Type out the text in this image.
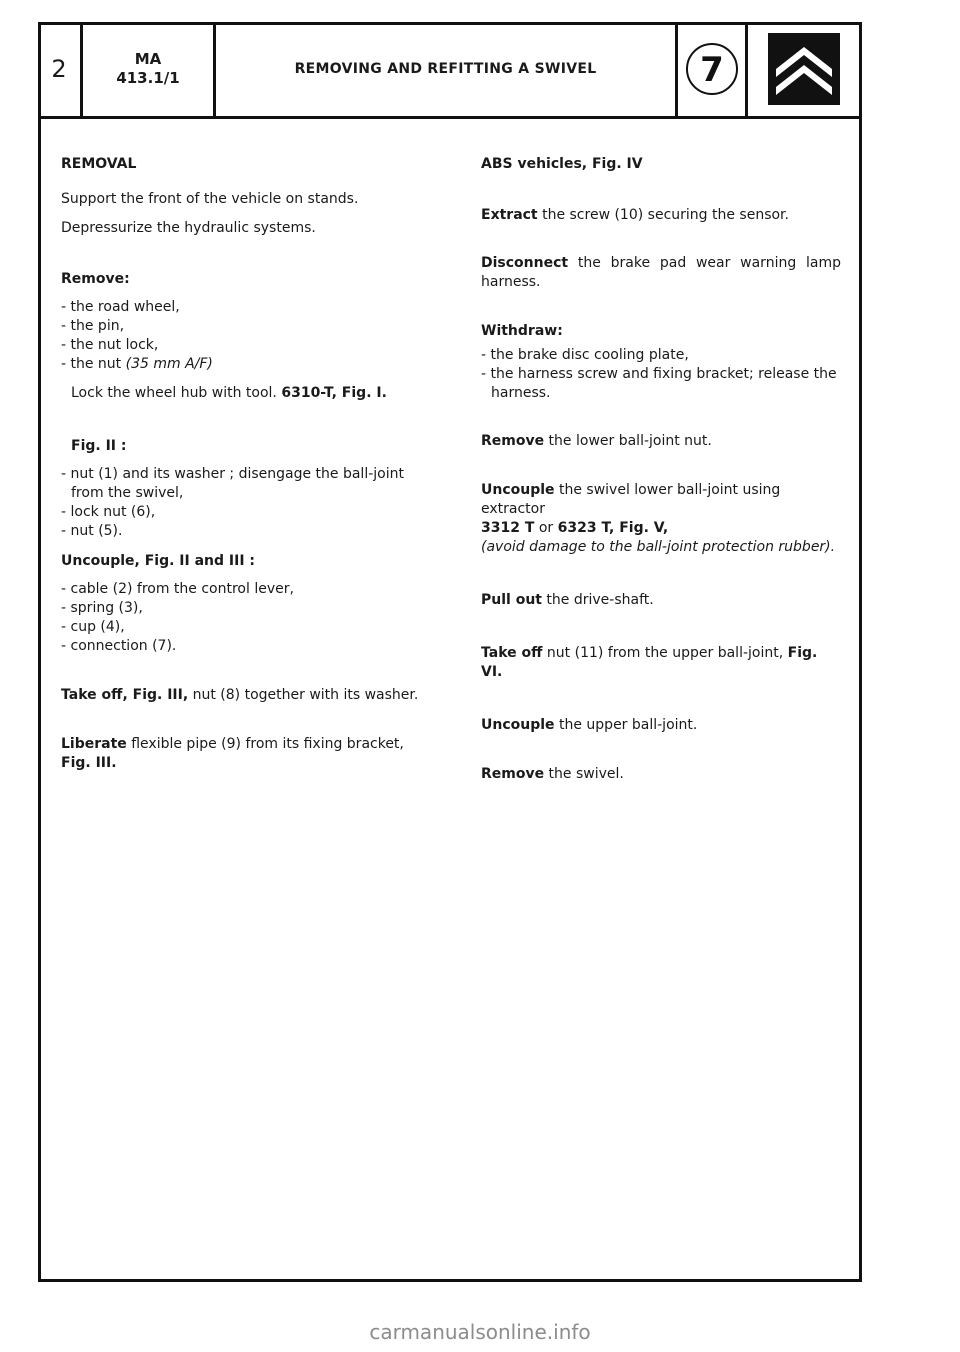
2	MA
413.1/1	REMOVING AND REFITTING A SWIVEL	7

REMOVAL

Support the front of the vehicle on stands.

Depressurize the hydraulic systems.

Remove:

- the road wheel,

- the pin,

- the nut lock,

- the nut (35 mm A/F)

Lock the wheel hub with tool. 6310-T, Fig. I.

Fig. II :

- nut (1) and its washer ; disengage the ball-joint from the swivel,

- lock nut (6),

- nut (5).

Uncouple, Fig. II and III :

- cable (2) from the control lever,

- spring (3),

- cup (4),

- connection (7).

Take off, Fig. III, nut (8) together with its washer.

Liberate flexible pipe (9) from its fixing bracket,

Fig. III.

ABS vehicles, Fig. IV

Extract the screw (10) securing the sensor.

Disconnect the brake pad wear warning lamp harness.

Withdraw:

- the brake disc cooling plate,

- the harness screw and fixing bracket; release the harness.

Remove the lower ball-joint nut.

Uncouple the swivel lower ball-joint using extractor

3312 T or 6323 T, Fig. V,

(avoid damage to the ball-joint protection rubber).

Pull out the drive-shaft.

Take off nut (11) from the upper ball-joint, Fig. VI.

Uncouple the upper ball-joint.

Remove the swivel.

carmanualsonline.info
